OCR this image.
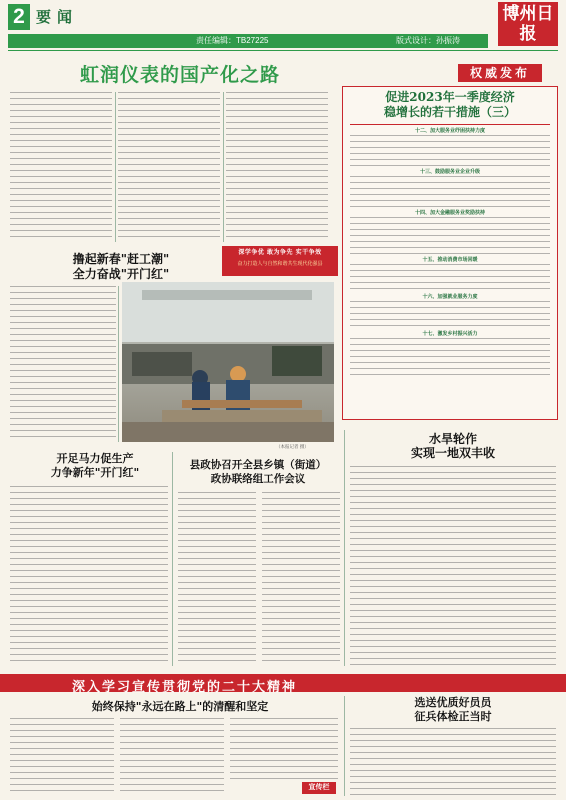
2 要闻
责任编辑：TB27225	版式设计：孙振涛
博州日报
虹润仪表的国产化之路	权威发布
促进2023年一季度经济
稳增长的若干措施（三）
十二、加大服务业纾困扶持力度
十三、鼓励服务业企业升级
十四、加大金融服务业奖励扶持
十五、推动消费市场回暖
十六、加强就业服务力度
十七、激发乡村振兴活力
撸起新春"赶工潮"
全力奋战"开门红"
深学争优 敢为争先 实干争效
奋力打造人与自然和谐共生现代化强县
（本报记者 摄）
开足马力促生产
力争新年"开门红"
县政协召开全县乡镇（街道）
政协联络组工作会议
水旱轮作
实现一地双丰收
深入学习宣传贯彻党的二十大精神
始终保持"永远在路上"的清醒和坚定
宣传栏
选送优质好员员
征兵体检正当时
